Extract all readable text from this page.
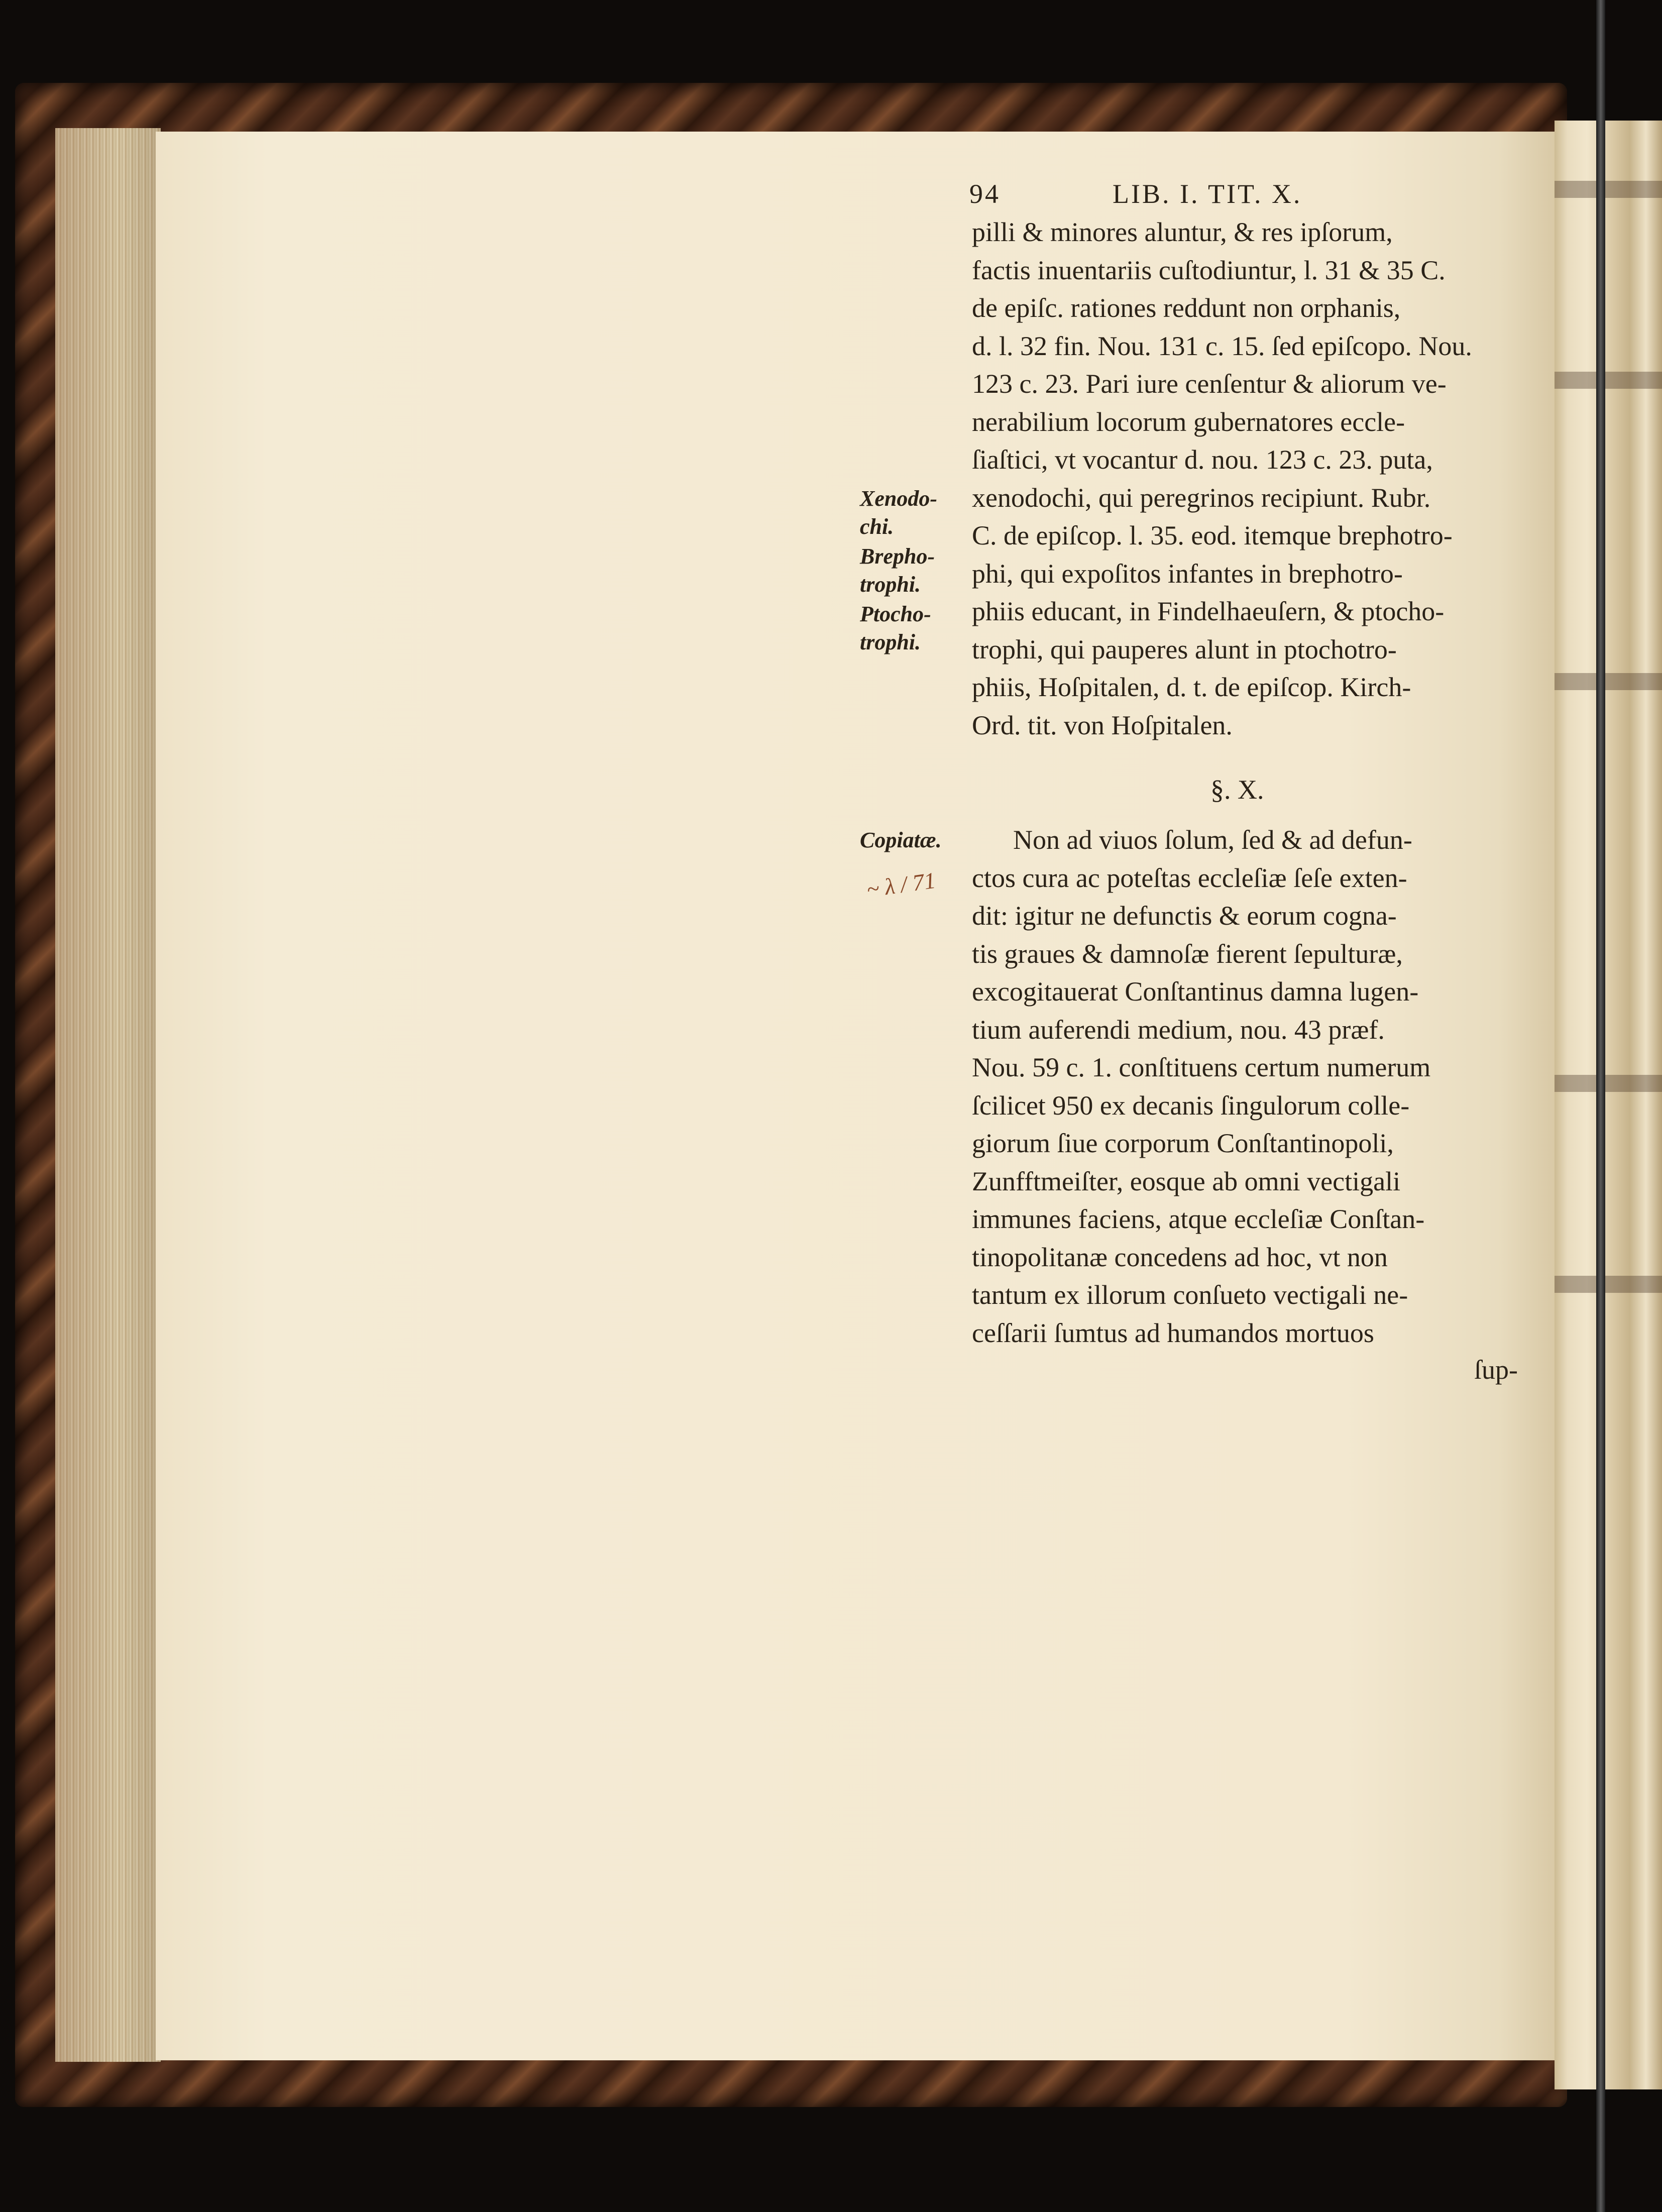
94	LIB. I. TIT. X.
pilli & minores aluntur, & res ipſorum,
factis inuentariis cuſtodiuntur, l. 31 & 35 C.
de epiſc. rationes reddunt non orphanis,
d. l. 32 fin. Nou. 131 c. 15. ſed epiſcopo. Nou.
123 c. 23. Pari iure cenſentur & aliorum ve-
nerabilium locorum gubernatores eccle-
ſiaſtici, vt vocantur d. nou. 123 c. 23. puta,
xenodochi, qui peregrinos recipiunt. Rubr.
C. de epiſcop. l. 35. eod. itemque brephotro-
phi, qui expoſitos infantes in brephotro-
phiis educant, in Findelhaeuſern, & ptocho-
trophi, qui pauperes alunt in ptochotro-
phiis, Hoſpitalen, d. t. de epiſcop. Kirch-
Ord. tit. von Hoſpitalen.
Xenodo-
chi.
Brepho-
trophi.
Ptocho-
trophi.
§. X.
Copiatæ.
~ λ / 71
Non ad viuos ſolum, ſed & ad defun-
ctos cura ac poteſtas eccleſiæ ſeſe exten-
dit: igitur ne defunctis & eorum cogna-
tis graues & damnoſæ fierent ſepulturæ,
excogitauerat Conſtantinus damna lugen-
tium auferendi medium, nou. 43 præf.
Nou. 59 c. 1. conſtituens certum numerum
ſcilicet 950 ex decanis ſingulorum colle-
giorum ſiue corporum Conſtantinopoli,
Zunfftmeiſter, eosque ab omni vectigali
immunes faciens, atque eccleſiæ Conſtan-
tinopolitanæ concedens ad hoc, vt non
tantum ex illorum conſueto vectigali ne-
ceſſarii ſumtus ad humandos mortuos
ſup-
